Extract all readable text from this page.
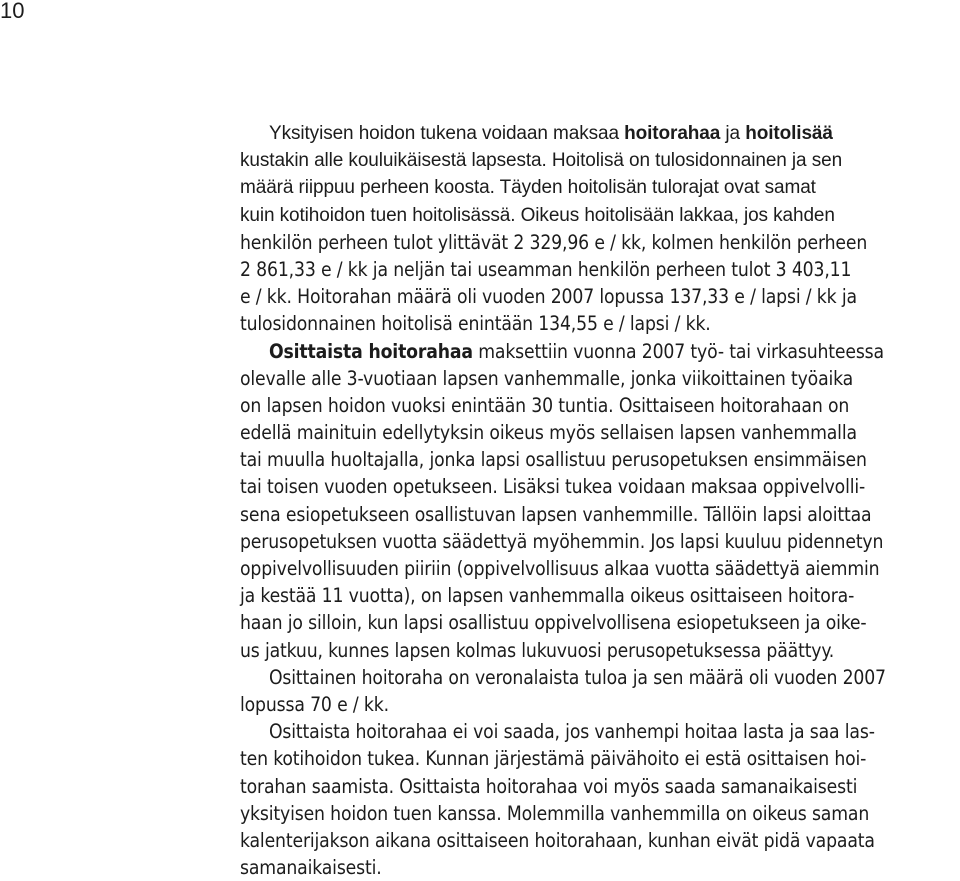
10
Yksityisen hoidon tukena voidaan maksaa hoitorahaa ja hoitolisää
kustakin alle kouluikäisestä lapsesta. Hoitolisä on tulosidonnainen ja sen
määrä riippuu perheen koosta. Täyden hoitolisän tulorajat ovat samat
kuin kotihoidon tuen hoitolisässä. Oikeus hoitolisään lakkaa, jos kahden
henkilön perheen tulot ylittävät 2 329,96 e / kk, kolmen henkilön perheen
2 861,33 e / kk ja neljän tai useamman henkilön perheen tulot 3 403,11
e / kk. Hoitorahan määrä oli vuoden 2007 lopussa 137,33 e / lapsi / kk ja
tulosidonnainen hoitolisä enintään 134,55 e / lapsi / kk.
Osittaista hoitorahaa maksettiin vuonna 2007 työ- tai virkasuhteessa
olevalle alle 3-vuotiaan lapsen vanhemmalle, jonka viikoittainen työaika
on lapsen hoidon vuoksi enintään 30 tuntia. Osittaiseen hoitorahaan on
edellä mainituin edellytyksin oikeus myös sellaisen lapsen vanhemmalla
tai muulla huoltajalla, jonka lapsi osallistuu perusopetuksen ensimmäisen
tai toisen vuoden opetukseen. Lisäksi tukea voidaan maksaa oppivelvolli-
sena esiopetukseen osallistuvan lapsen vanhemmille. Tällöin lapsi aloittaa
perusopetuksen vuotta säädettyä myöhemmin. Jos lapsi kuuluu pidennetyn
oppivelvollisuuden piiriin (oppivelvollisuus alkaa vuotta säädettyä aiemmin
ja kestää 11 vuotta), on lapsen vanhemmalla oikeus osittaiseen hoitora-
haan jo silloin, kun lapsi osallistuu oppivelvollisena esiopetukseen ja oike-
us jatkuu, kunnes lapsen kolmas lukuvuosi perusopetuksessa päättyy.
Osittainen hoitoraha on veronalaista tuloa ja sen määrä oli vuoden 2007
lopussa 70 e / kk.
Osittaista hoitorahaa ei voi saada, jos vanhempi hoitaa lasta ja saa las-
ten kotihoidon tukea. Kunnan järjestämä päivähoito ei estä osittaisen hoi-
torahan saamista. Osittaista hoitorahaa voi myös saada samanaikaisesti
yksityisen hoidon tuen kanssa. Molemmilla vanhemmilla on oikeus saman
kalenterijakson aikana osittaiseen hoitorahaan, kunhan eivät pidä vapaata
samanaikaisesti.
